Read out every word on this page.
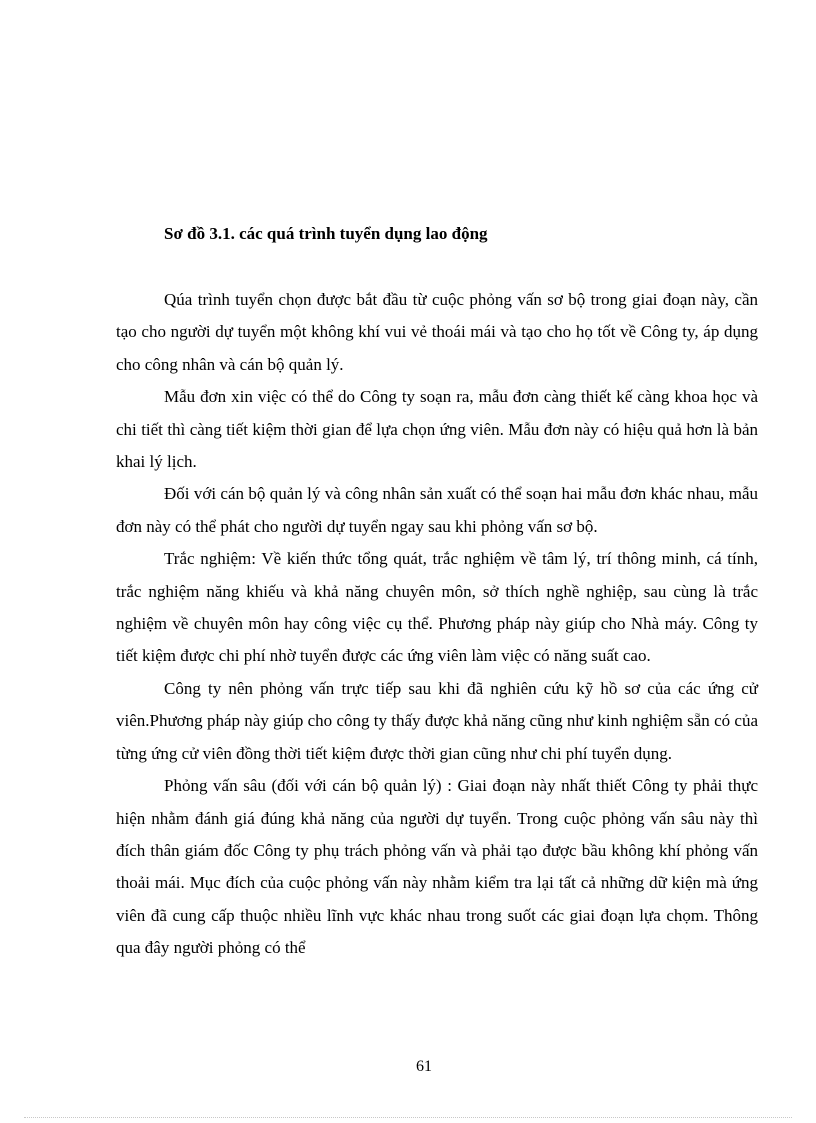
Sơ đồ 3.1. các quá trình tuyển dụng lao động

Qúa trình tuyển chọn được bắt đầu từ cuộc phỏng vấn sơ bộ trong giai đoạn này, cần tạo cho người dự tuyển một không khí vui vẻ thoái mái và tạo cho họ tốt về Công ty, áp dụng cho công nhân và cán bộ quản lý.

Mẫu đơn xin việc có thể do Công ty soạn ra, mẫu đơn càng thiết kế càng khoa học và chi tiết thì càng tiết kiệm thời gian để lựa chọn ứng viên. Mẫu đơn này có hiệu quả hơn là bản khai lý lịch.

Đối với cán bộ quản lý và công nhân sản xuất có thể soạn hai mẫu đơn khác nhau, mẫu đơn này có thể phát cho người dự tuyển ngay sau khi phỏng vấn sơ bộ.

Trắc nghiệm: Về kiến thức tổng quát, trắc nghiệm về tâm lý, trí thông minh, cá tính, trắc nghiệm năng khiếu và khả năng chuyên môn, sở thích nghề nghiệp, sau cùng là trắc nghiệm về chuyên môn hay công việc cụ thể. Phương pháp này giúp cho Nhà máy. Công ty tiết kiệm được chi phí nhờ tuyển được các ứng viên làm việc có năng suất cao.

Công ty nên phỏng vấn trực tiếp sau khi đã nghiên cứu kỹ hồ sơ của các ứng cử viên.Phương pháp này giúp cho công ty thấy được khả năng cũng như kinh nghiệm sẵn có của từng ứng cử viên đồng thời tiết kiệm được thời gian cũng như chi phí tuyển dụng.

Phỏng vấn sâu (đối với cán bộ quản lý) : Giai đoạn này nhất thiết Công ty phải thực hiện nhằm đánh giá đúng khả năng của người dự tuyển. Trong cuộc phỏng vấn sâu này thì đích thân giám đốc Công ty phụ trách phỏng vấn và phải tạo được bầu không khí phỏng vấn thoải mái. Mục đích của cuộc phỏng vấn này nhằm kiểm tra lại tất cả những dữ kiện mà ứng viên đã cung cấp thuộc nhiều lĩnh vực khác nhau trong suốt các giai đoạn lựa chọm. Thông qua đây người phỏng có thể

61
